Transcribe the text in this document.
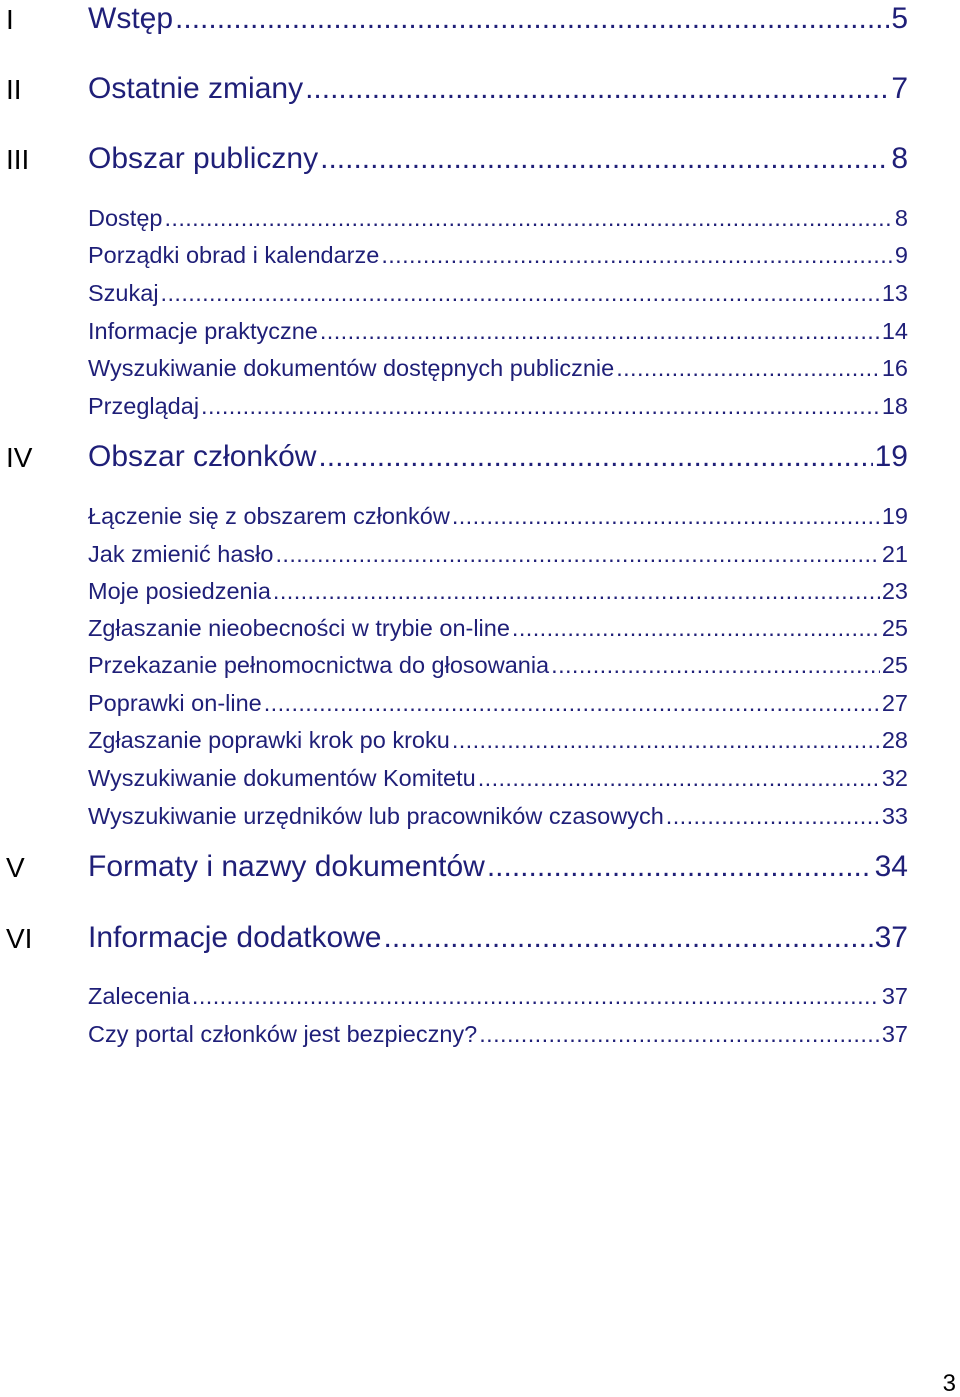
I Wstęp .....	5
II Ostatnie zmiany .....	7
III Obszar publiczny .....	8
Dostęp .....	8
Porządki obrad i kalendarze .....	9
Szukaj .....	13
Informacje praktyczne .....	14
Wyszukiwanie dokumentów dostępnych publicznie .....	16
Przeglądaj .....	18
IV Obszar członków .....	19
Łączenie się z obszarem członków .....	19
Jak zmienić hasło .....	21
Moje posiedzenia .....	23
Zgłaszanie nieobecności w trybie on-line .....	25
Przekazanie pełnomocnictwa do głosowania .....	25
Poprawki on-line .....	27
Zgłaszanie poprawki krok po kroku .....	28
Wyszukiwanie dokumentów Komitetu .....	32
Wyszukiwanie urzędników lub pracowników czasowych .....	33
V Formaty i nazwy dokumentów .....	34
VI Informacje dodatkowe .....	37
Zalecenia .....	37
Czy portal członków jest bezpieczny? .....	37
3
